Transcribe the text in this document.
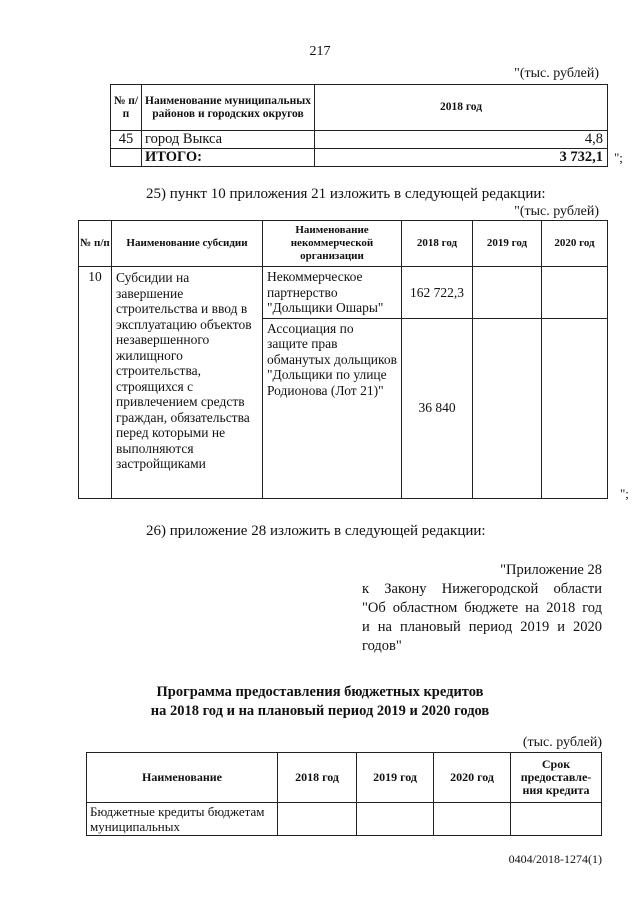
217
"(тыс. рублей)
№ п/п	Наименование муниципальных районов и городских округов	2018 год
45	город Выкса	4,8
	ИТОГО:	3 732,1 ";
25) пункт 10 приложения 21 изложить в следующей редакции:
"(тыс. рублей)
№ п/п	Наименование субсидии	Наименование некоммерческой организации	2018 год	2019 год	2020 год
10	Субсидии на завершение строительства и ввод в эксплуатацию объектов незавершенного жилищного строительства, строящихся с привлечением средств граждан, обязательства перед которыми не выполняются застройщиками	Некоммерческое партнерство "Дольщики Ошары"	162 722,3		
		Ассоциация по защите прав обманутых дольщиков "Дольщики по улице Родионова (Лот 21)"	36 840		
";
26) приложение 28 изложить в следующей редакции:
"Приложение 28
к Закону Нижегородской области
"Об областном бюджете на 2018 год
и на плановый период 2019 и 2020
годов"
Программа предоставления бюджетных кредитов
на 2018 год и на плановый период 2019 и 2020 годов
(тыс. рублей)
Наименование	2018 год	2019 год	2020 год	Срок предоставле-ния кредита
Бюджетные кредиты бюджетам муниципальных				
0404/2018-1274(1)
